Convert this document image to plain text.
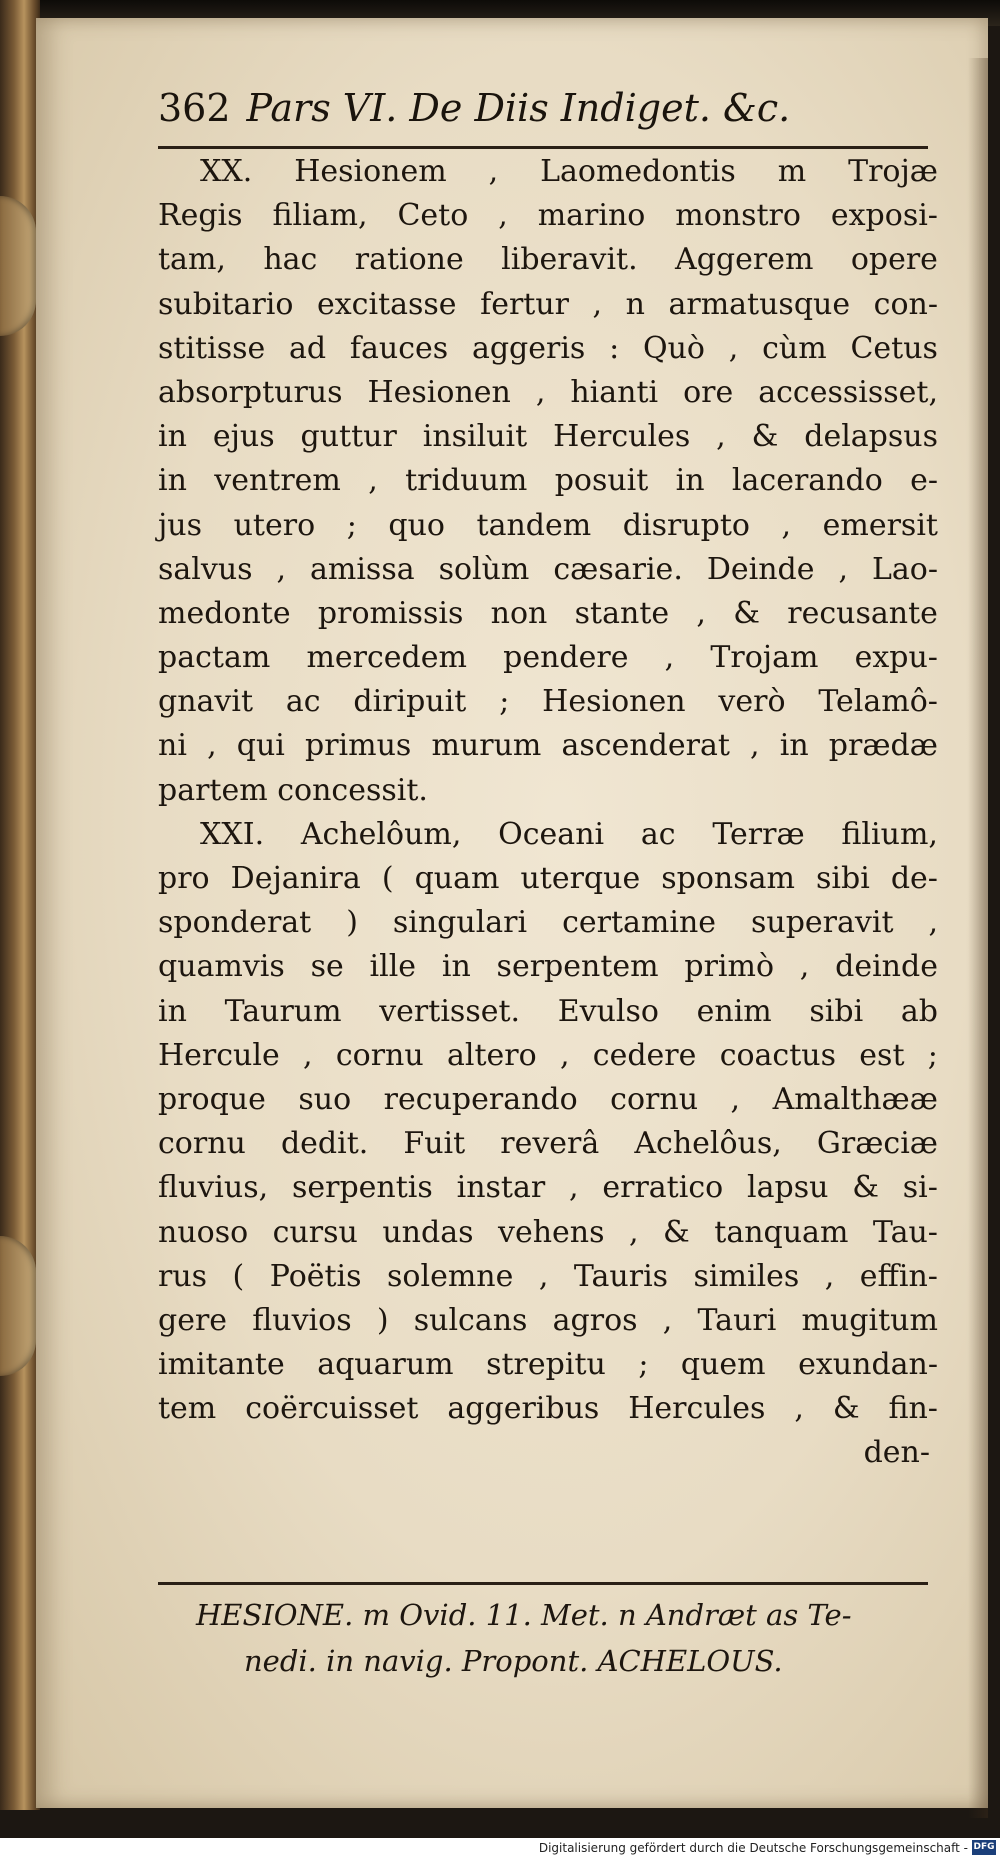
362 Pars VI. De Diis Indiget. &c.
XX. Hesionem , Laomedontis m Trojæ
Regis filiam, Ceto , marino monstro exposi-
tam, hac ratione liberavit. Aggerem opere
subitario excitasse fertur , n armatusque con-
stitisse ad fauces aggeris : Quò , cùm Cetus
absorpturus Hesionen , hianti ore accessisset,
in ejus guttur insiluit Hercules , & delapsus
in ventrem , triduum posuit in lacerando e-
jus utero ; quo tandem disrupto , emersit
salvus , amissa solùm cæsarie. Deinde , Lao-
medonte promissis non stante , & recusante
pactam mercedem pendere , Trojam expu-
gnavit ac diripuit ; Hesionen verò Telamô-
ni , qui primus murum ascenderat , in prædæ
partem concessit.
XXI. Achelôum, Oceani ac Terræ filium,
pro Dejanira ( quam uterque sponsam sibi de-
sponderat ) singulari certamine superavit ,
quamvis se ille in serpentem primò , deinde
in Taurum vertisset. Evulso enim sibi ab
Hercule , cornu altero , cedere coactus est ;
proque suo recuperando cornu , Amalthææ
cornu dedit. Fuit reverâ Achelôus, Græciæ
fluvius, serpentis instar , erratico lapsu & si-
nuoso cursu undas vehens , & tanquam Tau-
rus ( Poëtis solemne , Tauris similes , effin-
gere fluvios ) sulcans agros , Tauri mugitum
imitante aquarum strepitu ; quem exundan-
tem coërcuisset aggeribus Hercules , & fin-
den-
HESIONE. m Ovid. 11. Met. n Andræt as Te-
nedi. in navig. Propont. ACHELOUS.
Digitalisierung gefördert durch die Deutsche Forschungsgemeinschaft - DFG
